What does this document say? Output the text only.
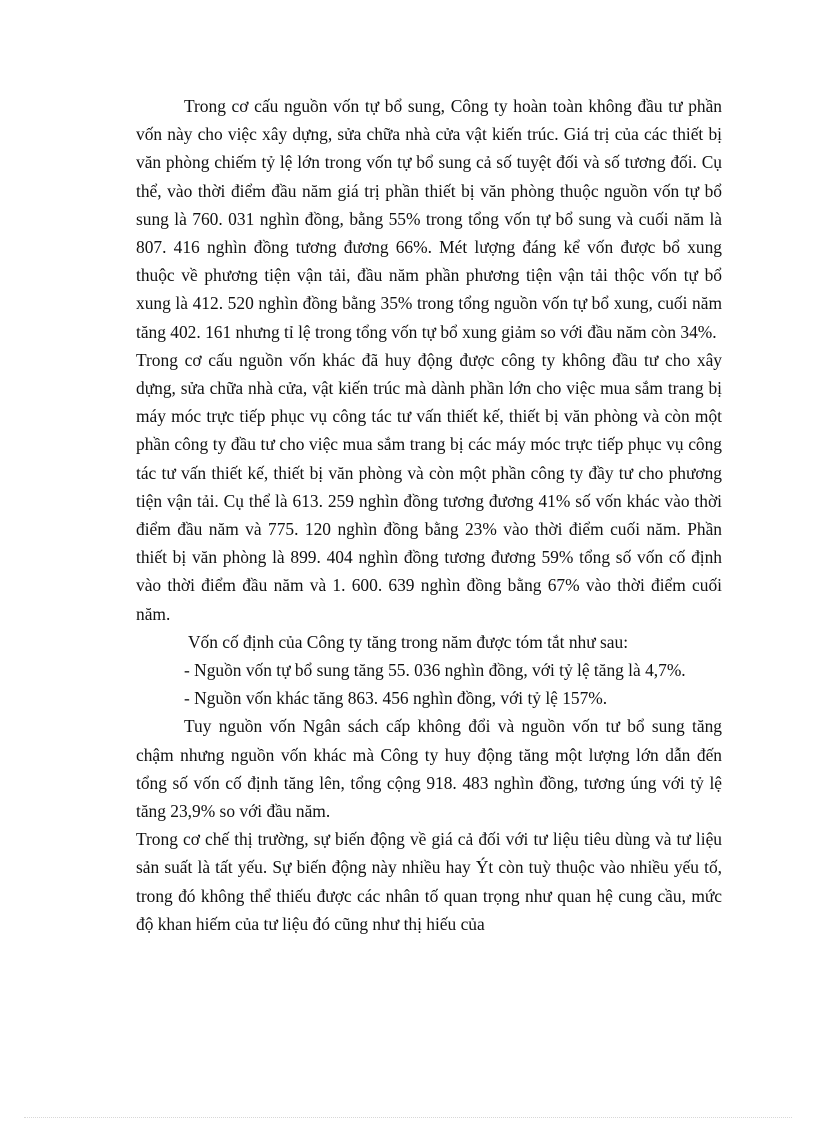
Trong cơ cấu nguồn vốn tự bổ sung, Công ty hoàn toàn không đầu tư phần vốn này cho việc xây dựng, sửa chữa nhà cửa vật kiến trúc. Giá trị của các thiết bị văn phòng chiếm tỷ lệ lớn trong vốn tự bổ sung cả số tuyệt đối và số tương đối. Cụ thể, vào thời điểm đầu năm giá trị phần thiết bị văn phòng thuộc nguồn vốn tự bổ sung là 760. 031 nghìn đồng, bằng 55% trong tổng vốn tự bổ sung và cuối năm là 807. 416 nghìn đồng tương đương 66%. Mét lượng đáng kể vốn được bổ xung thuộc về phương tiện vận tải, đầu năm phần phương tiện vận tải thộc vốn tự bổ xung là 412. 520 nghìn đồng bằng 35% trong tổng nguồn vốn tự bổ xung, cuối năm tăng 402. 161 nhưng tỉ lệ trong tổng vốn tự bổ xung giảm so với đầu năm còn 34%.

Trong cơ cấu nguồn vốn khác đã huy động được công ty không đầu tư cho xây dựng, sửa chữa nhà cửa, vật kiến trúc mà dành phần lớn cho việc mua sắm trang bị máy móc trực tiếp phục vụ công tác tư vấn thiết kế, thiết bị văn phòng và còn một phần công ty đầu tư cho việc mua sắm trang bị các máy móc trực tiếp phục vụ công tác tư vấn thiết kế, thiết bị văn phòng và còn một phần công ty đầy tư cho phương tiện vận tải. Cụ thể là 613. 259 nghìn đồng tương đương 41% số vốn khác vào thời điểm đầu năm và 775. 120 nghìn đồng bằng 23% vào thời điểm cuối năm. Phần thiết bị văn phòng là 899. 404 nghìn đồng tương đương 59% tổng số vốn cố định vào thời điểm đầu năm và 1. 600. 639 nghìn đồng bằng 67% vào thời điểm cuối năm.

Vốn cố định của Công ty tăng trong năm được tóm tắt như sau:

- Nguồn vốn tự bổ sung tăng 55. 036 nghìn đồng, với tỷ lệ tăng là 4,7%.

- Nguồn vốn khác tăng 863. 456 nghìn đồng, với tỷ lệ 157%.

Tuy nguồn vốn Ngân sách cấp không đổi và nguồn vốn tư bổ sung tăng chậm nhưng nguồn vốn khác mà Công ty huy động tăng một lượng lớn dẫn đến tổng số vốn cố định tăng lên, tổng cộng 918. 483 nghìn đồng, tương úng với tỷ lệ tăng 23,9% so với đầu năm.

Trong cơ chế thị trường, sự biến động về giá cả đối với tư liệu tiêu dùng và tư liệu sản suất là tất yếu. Sự biến động này nhiều hay Ýt còn tuỳ thuộc vào nhiều yếu tố, trong đó không thể thiếu được các nhân tố quan trọng như quan hệ cung cầu, mức độ khan hiếm của tư liệu đó cũng như thị hiếu của
